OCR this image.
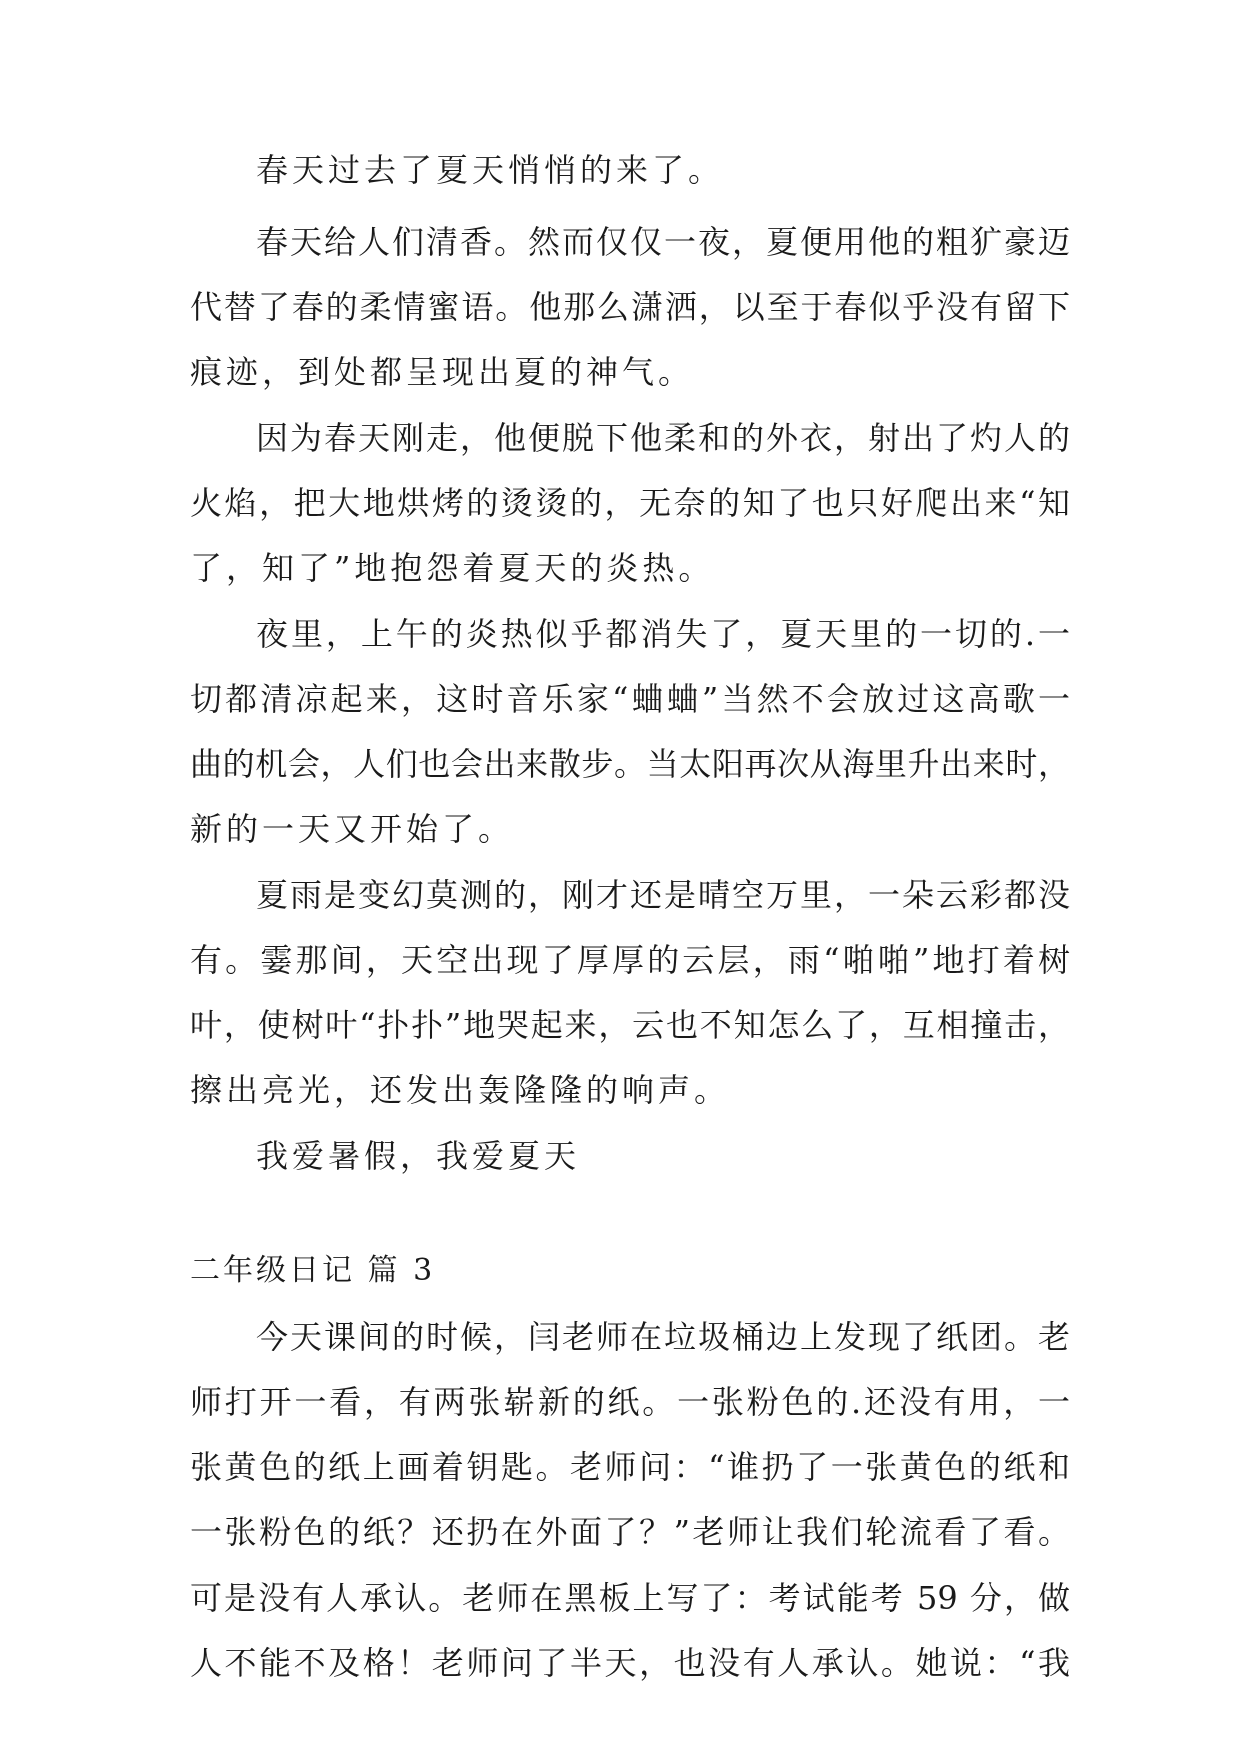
春天过去了夏天悄悄的来了。
春天给人们清香。然而仅仅一夜，夏便用他的粗犷豪迈
代替了春的柔情蜜语。他那么潇洒，以至于春似乎没有留下
痕迹，到处都呈现出夏的神气。
因为春天刚走，他便脱下他柔和的外衣，射出了灼人的
火焰，把大地烘烤的烫烫的，无奈的知了也只好爬出来“知
了，知了”地抱怨着夏天的炎热。
夜里，上午的炎热似乎都消失了，夏天里的一切的.一
切都清凉起来，这时音乐家“蛐蛐”当然不会放过这高歌一
曲的机会，人们也会出来散步。当太阳再次从海里升出来时，
新的一天又开始了。
夏雨是变幻莫测的，刚才还是晴空万里，一朵云彩都没
有。霎那间，天空出现了厚厚的云层，雨“啪啪”地打着树
叶，使树叶“扑扑”地哭起来，云也不知怎么了，互相撞击，
擦出亮光，还发出轰隆隆的响声。
我爱暑假，我爱夏天
二年级日记 篇 3
今天课间的时候，闫老师在垃圾桶边上发现了纸团。老
师打开一看，有两张崭新的纸。一张粉色的.还没有用，一
张黄色的纸上画着钥匙。老师问：“谁扔了一张黄色的纸和
一张粉色的纸？还扔在外面了？”老师让我们轮流看了看。
可是没有人承认。老师在黑板上写了：考试能考 59 分，做
人不能不及格！老师问了半天，也没有人承认。她说：“我
